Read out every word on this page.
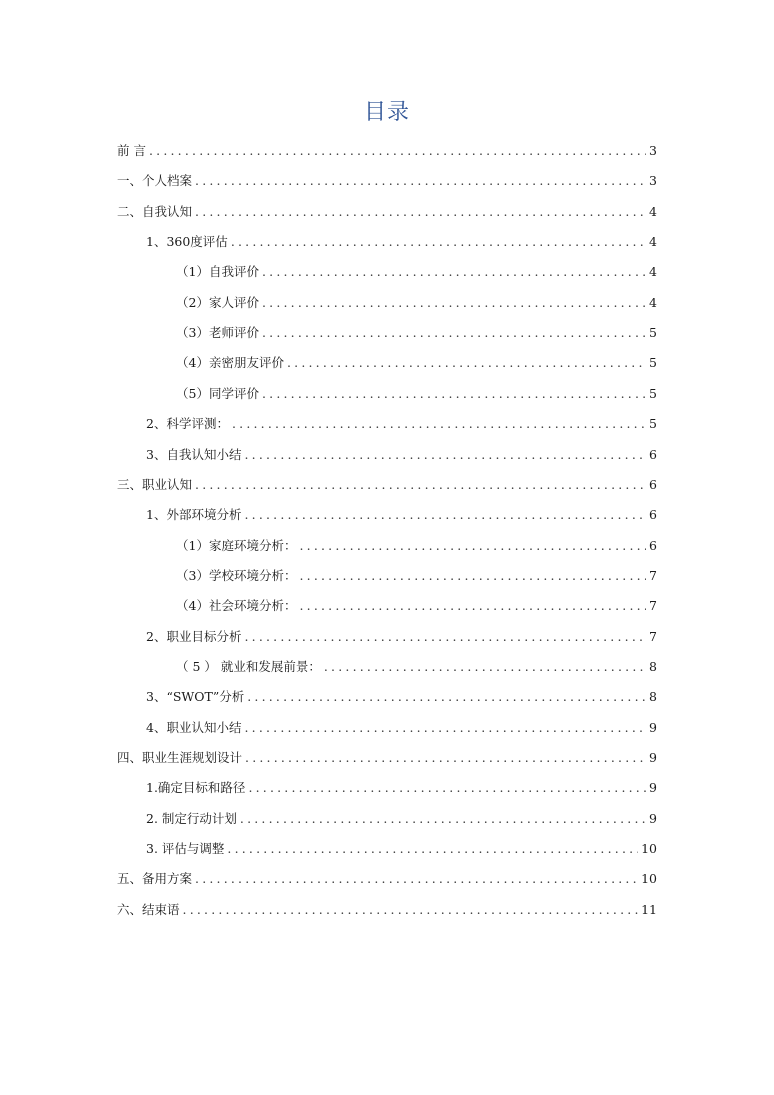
目录
前 言 .....	3
一、个人档案 .....	3
二、自我认知 .....	4
1、360度评估 .....	4
（1）自我评价 .....	4
（2）家人评价 .....	4
（3）老师评价 .....	5
（4）亲密朋友评价 .....	5
（5）同学评价 .....	5
2、科学评测： .....	5
3、自我认知小结 .....	6
三、职业认知 .....	6
1、外部环境分析 .....	6
（1）家庭环境分析： .....	6
（3）学校环境分析： .....	7
（4）社会环境分析： .....	7
2、职业目标分析 .....	7
（ 5 ） 就业和发展前景： .....	8
3、“SWOT”分析 .....	8
4、职业认知小结 .....	9
四、职业生涯规划设计 .....	9
1.确定目标和路径 .....	9
2. 制定行动计划 .....	9
3. 评估与调整 .....	10
五、备用方案 .....	10
六、结束语 .....	11
